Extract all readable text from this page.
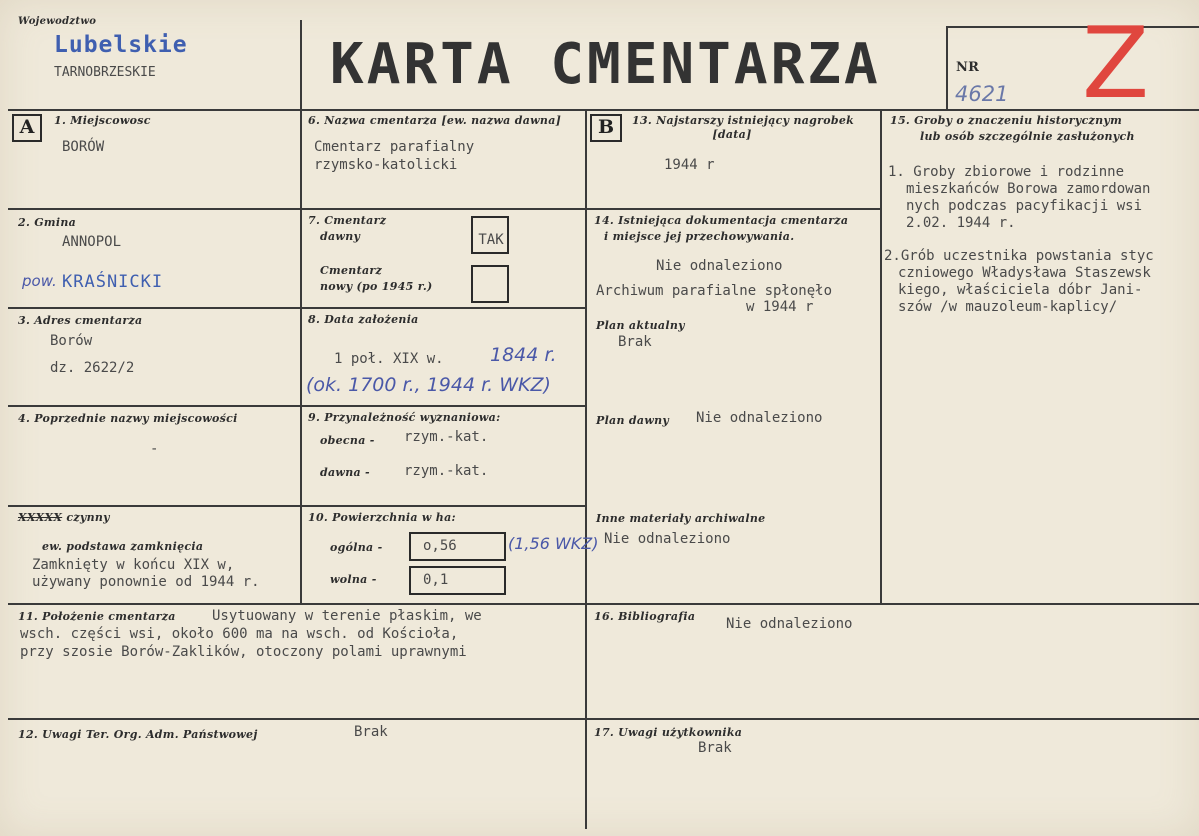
Wojewodztwo
Lubelskie
TARNOBRZESKIE	KARTA CMENTARZA	NR
4621 Z
A	B
1. Miejscowosc
BORÓW
2. Gmina
ANNOPOL
pow. KRAŚNICKI
3. Adres cmentarza
Borów
dz. 2622/2
4. Poprzednie nazwy miejscowości
-
XXXXX czynny
ew. podstawa zamknięcia
Zamknięty w końcu XIX w,
używany ponownie od 1944 r.
6. Nazwa cmentarza [ew. nazwa dawna]
Cmentarz parafialny
rzymsko-katolicki
7. Cmentarz
dawny	TAK
Cmentarz
nowy (po 1945 r.)
8. Data założenia
1 poł. XIX w. 1844 r.
(ok. 1700 r., 1944 r. WKZ)
9. Przynależność wyznaniowa:
obecna - rzym.-kat.
dawna - rzym.-kat.
10. Powierzchnia w ha:
ogólna -	o,56	(1,56 WKZ)
wolna -	0,1
11. Położenie cmentarza	Usytuowany w terenie płaskim, we
wsch. części wsi, około 600 ma na wsch. od Kościoła,
przy szosie Borów-Zaklików, otoczony polami uprawnymi
12. Uwagi Ter. Org. Adm. Państwowej	Brak
13. Najstarszy istniejący nagrobek
[data]
1944 r
14. Istniejąca dokumentacja cmentarza
i miejsce jej przechowywania.
Nie odnaleziono
Archiwum parafialne spłonęło
w 1944 r
Plan aktualny
Brak
Plan dawny Nie odnaleziono
Inne materiały archiwalne
Nie odnaleziono
15. Groby o znaczeniu historycznym
lub osób szczególnie zasłużonych
1. Groby zbiorowe i rodzinne
mieszkańców Borowa zamordowan
nych podczas pacyfikacji wsi
2.02. 1944 r.
2.Grób uczestnika powstania styc
czniowego Władysława Staszewsk
kiego, właściciela dóbr Jani-
szów /w mauzoleum-kaplicy/
16. Bibliografia Nie odnaleziono
17. Uwagi użytkownika
Brak
